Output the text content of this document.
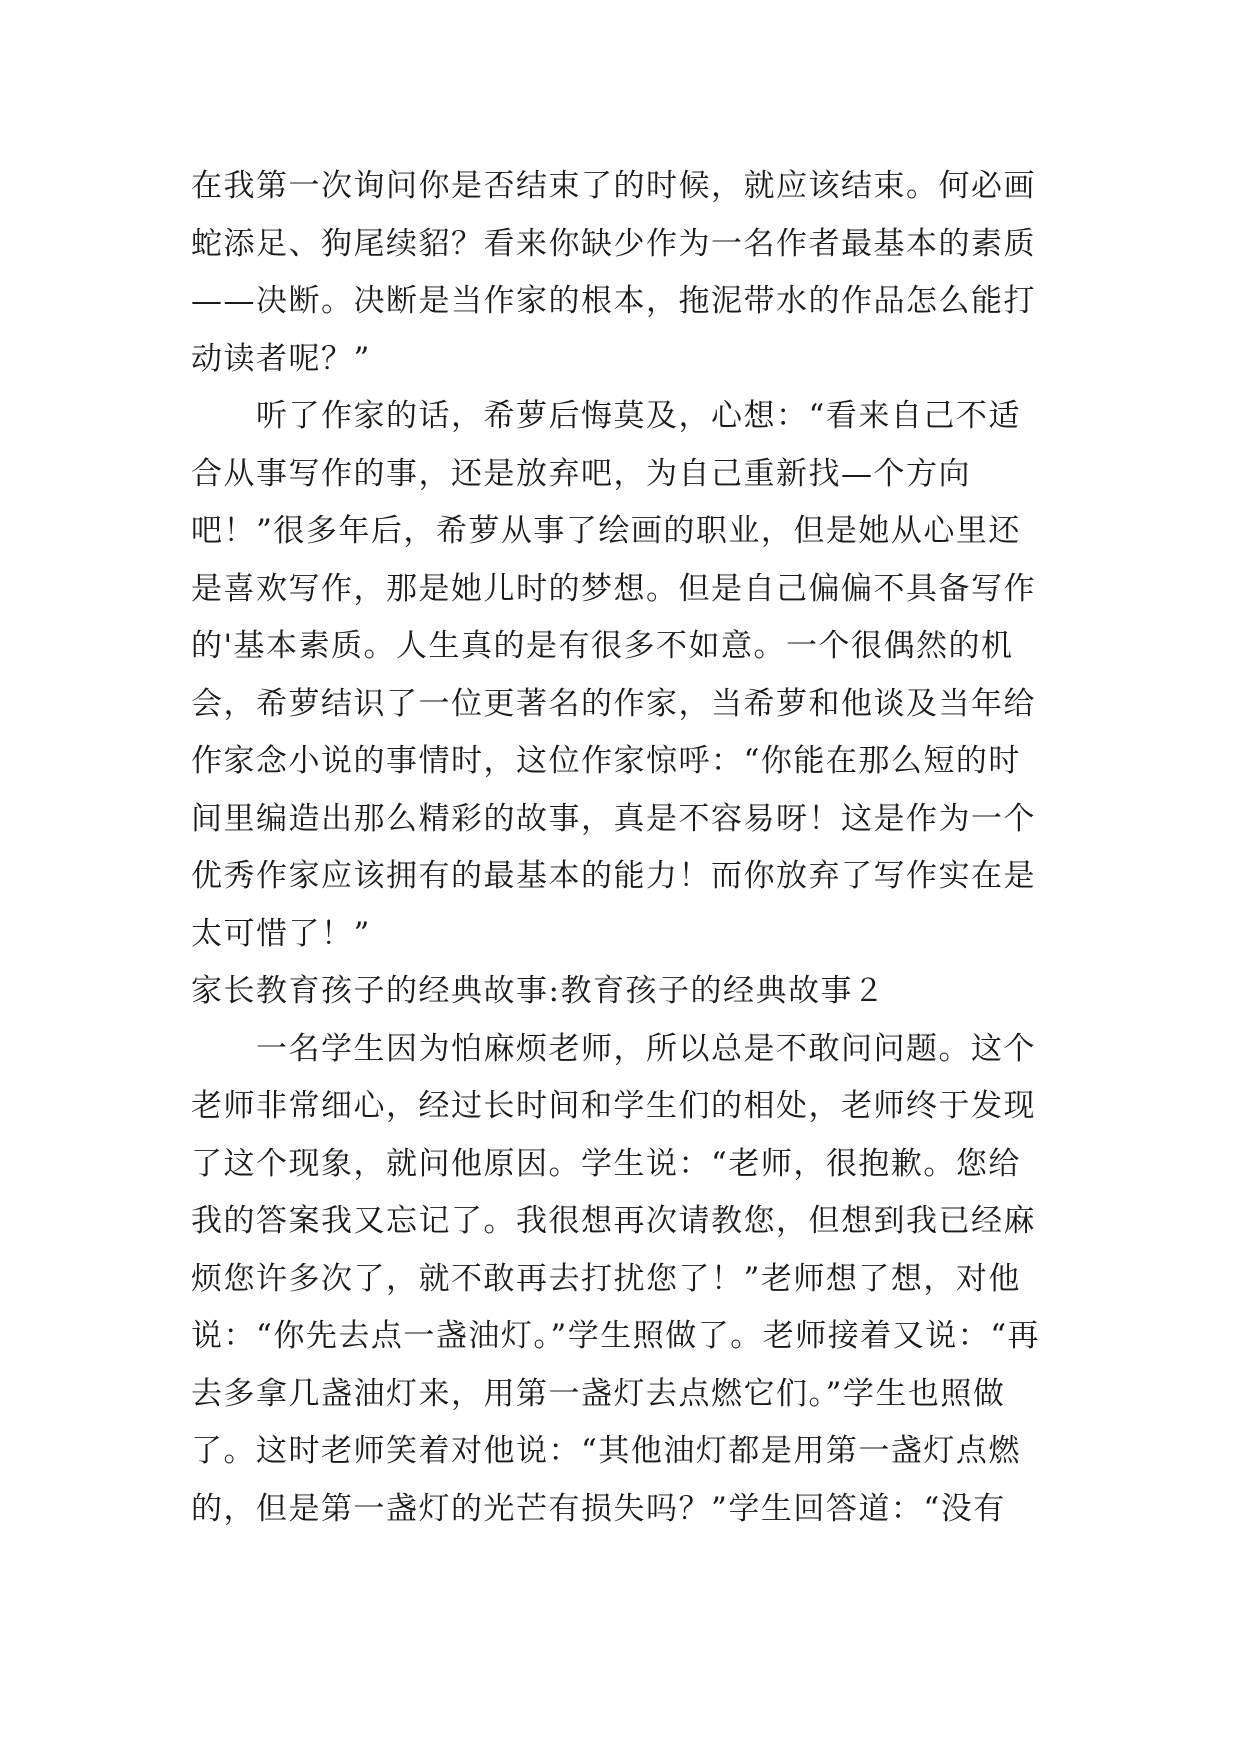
在我第一次询问你是否结束了的时候，就应该结束。何必画蛇添足、狗尾续貂？看来你缺少作为一名作者最基本的素质——决断。决断是当作家的根本，拖泥带水的作品怎么能打动读者呢？”

　　听了作家的话，希萝后悔莫及，心想：“看来自己不适合从事写作的事，还是放弃吧，为自己重新找—个方向吧！”很多年后，希萝从事了绘画的职业，但是她从心里还是喜欢写作，那是她儿时的梦想。但是自己偏偏不具备写作的'基本素质。人生真的是有很多不如意。一个很偶然的机会，希萝结识了一位更著名的作家，当希萝和他谈及当年给作家念小说的事情时，这位作家惊呼：“你能在那么短的时间里编造出那么精彩的故事，真是不容易呀！这是作为一个优秀作家应该拥有的最基本的能力！而你放弃了写作实在是太可惜了！”

家长教育孩子的经典故事:教育孩子的经典故事２

　　一名学生因为怕麻烦老师，所以总是不敢问问题。这个老师非常细心，经过长时间和学生们的相处，老师终于发现了这个现象，就问他原因。学生说：“老师，很抱歉。您给我的答案我又忘记了。我很想再次请教您，但想到我已经麻烦您许多次了，就不敢再去打扰您了！”老师想了想，对他说：“你先去点一盏油灯。”学生照做了。老师接着又说：“再去多拿几盏油灯来，用第一盏灯去点燃它们。”学生也照做了。这时老师笑着对他说：“其他油灯都是用第一盏灯点燃的，但是第一盏灯的光芒有损失吗？”学生回答道：“没有
